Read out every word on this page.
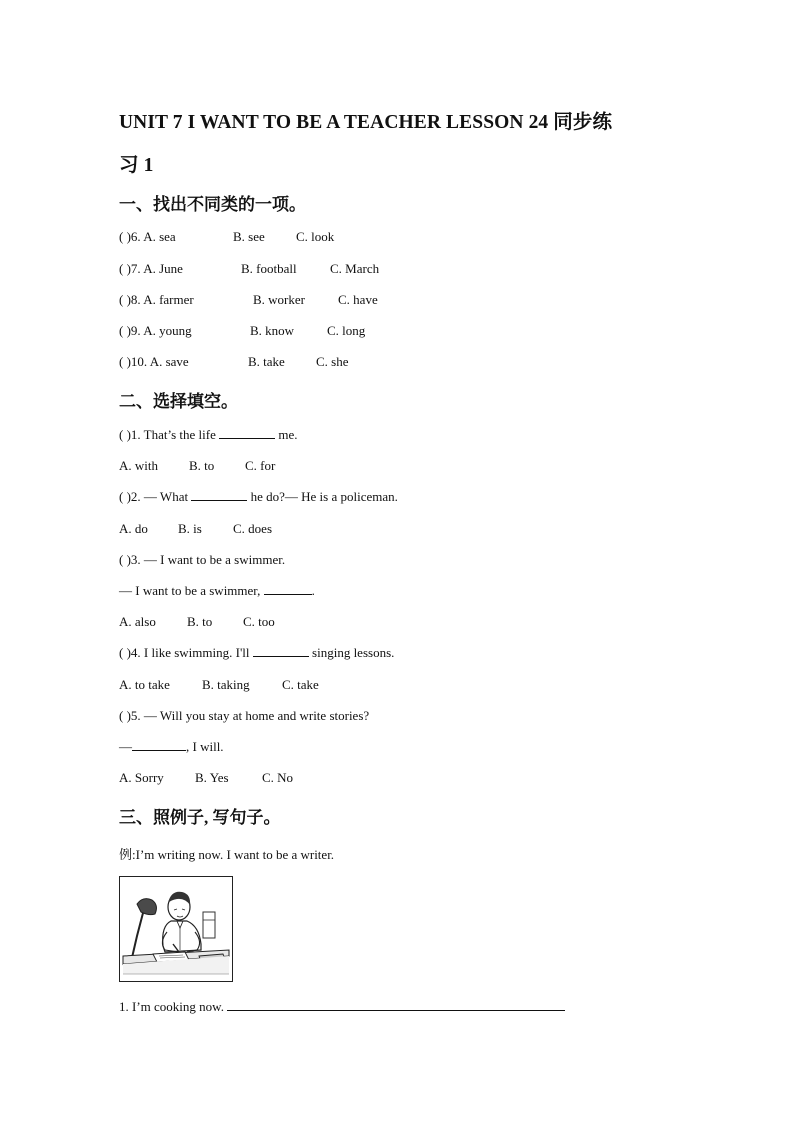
UNIT 7 I WANT TO BE A TEACHER LESSON 24 同步练
习 1
一、找出不同类的一项。
( )6. A. sea	B. see C. look
( )7. A. June	B. football	C. March
( )8. A. farmer	B. worker	C. have
( )9. A. young	B. know	C. long
( )10. A. save	B. take C. she
二、选择填空。
( )1. That’s the life	me.
A. with B. to C. for
( )2. — What	he do?— He is a policeman.
A. do B. is C. does
( )3. — I want to be a swimmer.
— I want to be a swimmer,	.
A. also B. to C. too
( )4. I like swimming. I'll	singing lessons.
A. to take B. taking C. take
( )5. — Will you stay at home and write stories?
—	, I will.
A. Sorry B. Yes	C. No
三、照例子, 写句子。
例:I’m writing now. I want to be a writer.
1. I’m cooking now.
